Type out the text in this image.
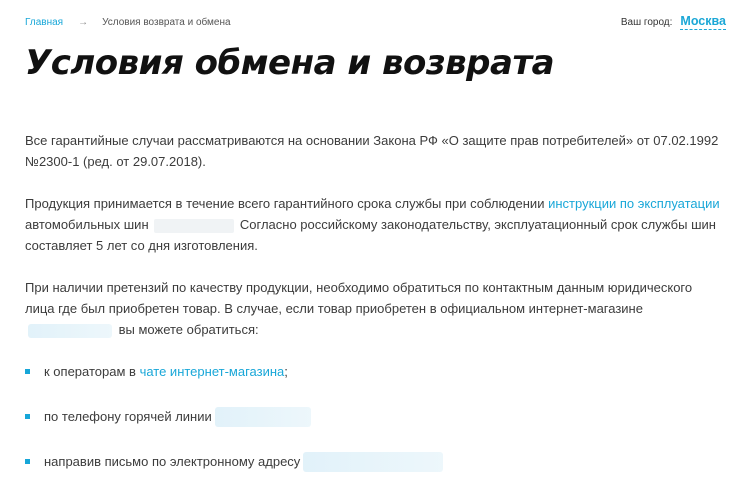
Главная → Условия возврата и обмена	Ваш город: Москва
Условия обмена и возврата

Все гарантийные случаи рассматриваются на основании Закона РФ «О защите прав потребителей» от 07.02.1992 №2300-1 (ред. от 29.07.2018).

Продукция принимается в течение всего гарантийного срока службы при соблюдении инструкции по эксплуатации автомобильных шин	Согласно российскому законодательству, эксплуатационный срок службы шин составляет 5 лет со дня изготовления.

При наличии претензий по качеству продукции, необходимо обратиться по контактным данным юридического лица где был приобретен товар. В случае, если товар приобретен в официальном интернет-магазине  вы можете обратиться:

к операторам в
чате интернет-магазина ;
по телефону горячей линии
направив письмо по электронному адресу
